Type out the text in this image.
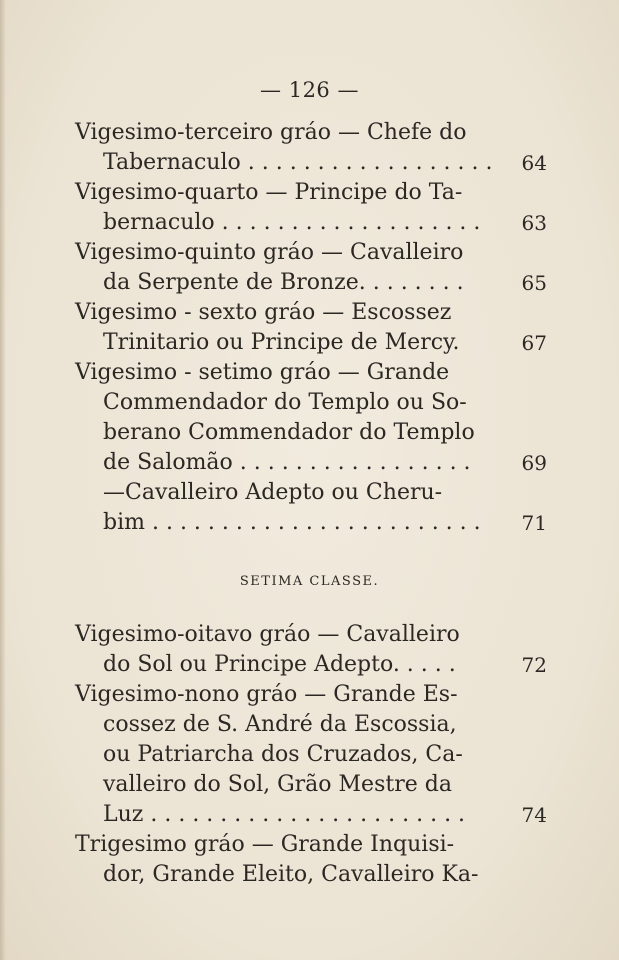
— 126 —
Vigesimo-terceiro gráo — Chefe do
Tabernaculo . . . . . . . . . . . . . . . . . .	64
Vigesimo-quarto — Principe do Ta-
bernaculo . . . . . . . . . . . . . . . . . . .	63
Vigesimo-quinto gráo — Cavalleiro
da Serpente de Bronze. . . . . . . .	65
Vigesimo - sexto gráo — Escossez
Trinitario ou Principe de Mercy.	67
Vigesimo - setimo gráo — Grande
Commendador do Templo ou So-
berano Commendador do Templo
de Salomão . . . . . . . . . . . . . . . . .	69
—Cavalleiro Adepto ou Cheru-
bim . . . . . . . . . . . . . . . . . . . . . . . .	71
SETIMA CLASSE.
Vigesimo-oitavo gráo — Cavalleiro
do Sol ou Principe Adepto. . . . .	72
Vigesimo-nono gráo — Grande Es-
cossez de S. André da Escossia,
ou Patriarcha dos Cruzados, Ca-
valleiro do Sol, Grão Mestre da
Luz . . . . . . . . . . . . . . . . . . . . . . .	74
Trigesimo gráo — Grande Inquisi-
dor, Grande Eleito, Cavalleiro Ka-
